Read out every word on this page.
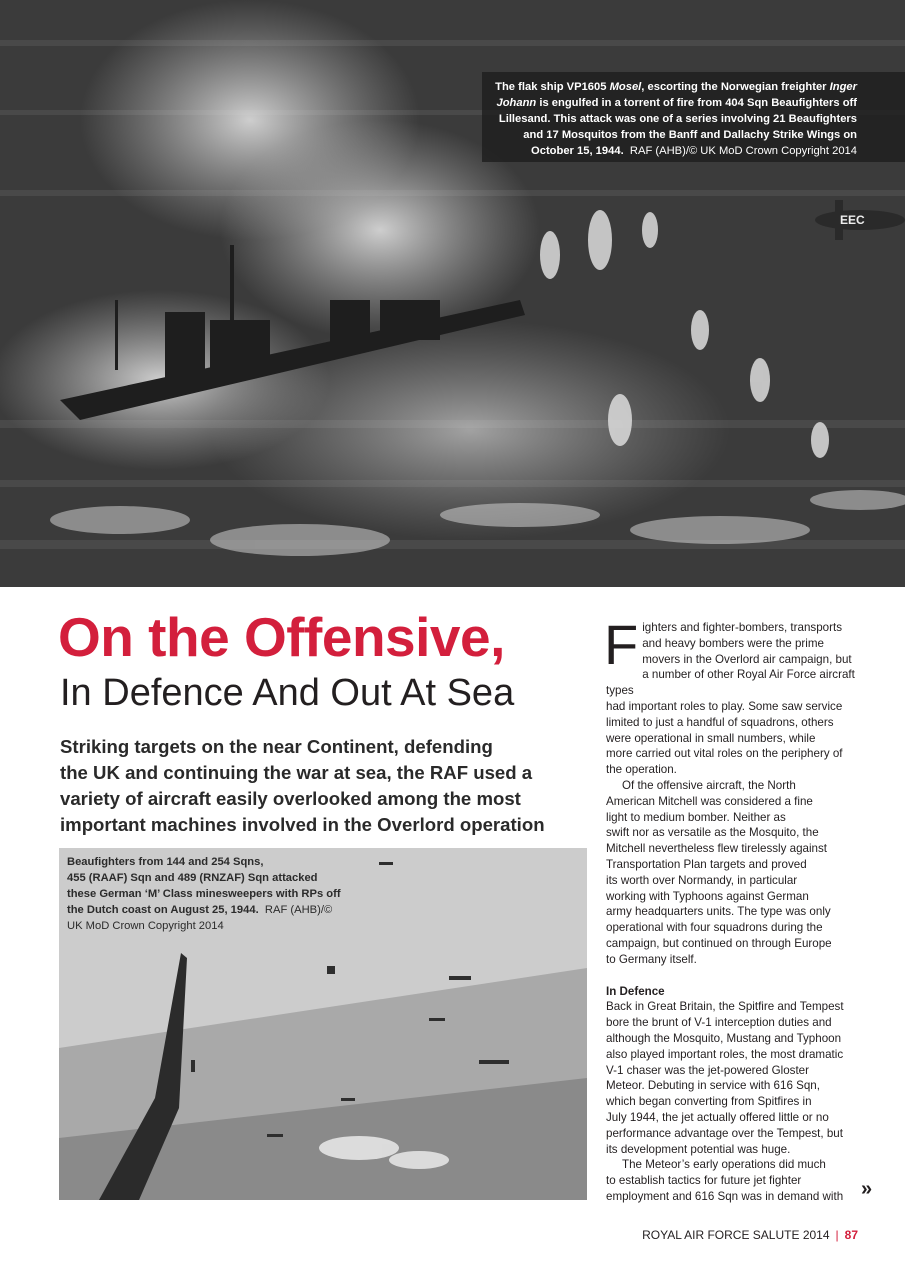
EEC
The flak ship VP1605 Mosel, escorting the Norwegian freighter Inger
Johann is engulfed in a torrent of fire from 404 Sqn Beaufighters off
Lillesand. This attack was one of a series involving 21 Beaufighters
and 17 Mosquitos from the Banff and Dallachy Strike Wings on
October 15, 1944. RAF (AHB)/© UK MoD Crown Copyright 2014
On the Offensive,
In Defence And Out At Sea
Striking targets on the near Continent, defending
the UK and continuing the war at sea, the RAF used a
variety of aircraft easily overlooked among the most
important machines involved in the Overlord operation
Beaufighters from 144 and 254 Sqns,
455 (RAAF) Sqn and 489 (RNZAF) Sqn attacked
these German ‘M’ Class minesweepers with RPs off
the Dutch coast on August 25, 1944. RAF (AHB)/©
UK MoD Crown Copyright 2014

F ighters and fighter-bombers, transports
and heavy bombers were the prime
movers in the Overlord air campaign, but
a number of other Royal Air Force aircraft types
had important roles to play. Some saw service
limited to just a handful of squadrons, others
were operational in small numbers, while
more carried out vital roles on the periphery of
the operation.

Of the offensive aircraft, the North
American Mitchell was considered a fine
light to medium bomber. Neither as
swift nor as versatile as the Mosquito, the
Mitchell nevertheless flew tirelessly against
Transportation Plan targets and proved
its worth over Normandy, in particular
working with Typhoons against German
army headquarters units. The type was only
operational with four squadrons during the
campaign, but continued on through Europe
to Germany itself.

In Defence

Back in Great Britain, the Spitfire and Tempest
bore the brunt of V-1 interception duties and
although the Mosquito, Mustang and Typhoon
also played important roles, the most dramatic
V-1 chaser was the jet-powered Gloster
Meteor. Debuting in service with 616 Sqn,
which began converting from Spitfires in
July 1944, the jet actually offered little or no
performance advantage over the Tempest, but
its development potential was huge.

The Meteor’s early operations did much
to establish tactics for future jet fighter
employment and 616 Sqn was in demand with »
ROYAL AIR FORCE SALUTE 2014 | 87
